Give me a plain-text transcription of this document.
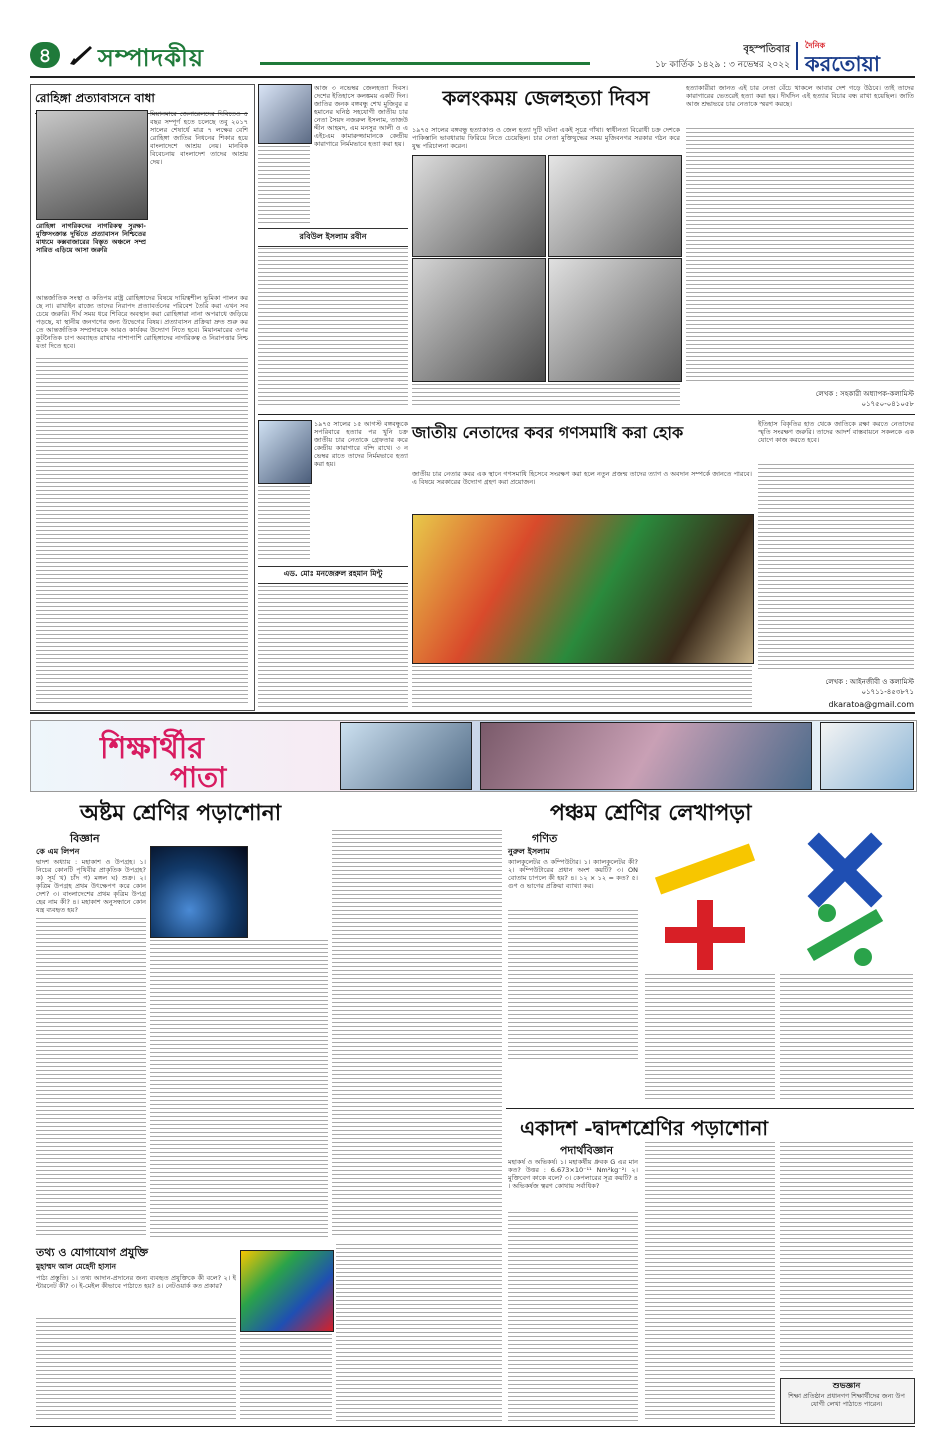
৪	সম্পাদকীয়	বৃহস্পতিবার
১৮ কার্তিক ১৪২৯ : ৩ নভেম্বর ২০২২
দৈনিক
করতোয়া
রোহিঙ্গা প্রত্যাবাসনে বাধা
মিয়ানমারে জেনারেলদের দিবিতেও ৫ বছর সম্পূর্ণ হতে চলেছে তবু ২০১৭ সালের শেষার্ধে মাত্র ৭ লক্ষের বেশি রোহিঙ্গা জাতির নিধনের শিকার হয়ে বাংলাদেশে আশ্রয় নেয়। মানবিক বিবেচনায় বাংলাদেশ তাদের আশ্রয় দেয়।
রোহিঙ্গা নাগরিকদের নাগরিকত্ব সুরক্ষা-মুক্তিসংক্রান্ত দুর্ভিতে প্রত্যাবাসন নিশ্চিতের মাধ্যমে কক্সবাজারের বিস্তৃত অঞ্চলে সম্প্রসারিত এড়িয়ে আসা জরুরি
আন্তর্জাতিক সংস্থা ও কতিপয় রাষ্ট্র রোহিঙ্গাদের বিষয়ে দায়িত্বশীল ভূমিকা পালন করছে না। রাখাইন রাজ্যে তাদের নিরাপদ প্রত্যাবর্তনের পরিবেশ তৈরি করা এখন সবচেয়ে জরুরি। দীর্ঘ সময় ধরে শিবিরে অবস্থান করা রোহিঙ্গারা নানা অপরাধে জড়িয়ে পড়ছে, যা স্থানীয় জনগণের জন্য উদ্বেগের বিষয়। প্রত্যাবাসন প্রক্রিয়া দ্রুত শুরু করতে আন্তর্জাতিক সম্প্রদায়কে আরও কার্যকর উদ্যোগ নিতে হবে। মিয়ানমারের ওপর কূটনৈতিক চাপ অব্যাহত রাখার পাশাপাশি রোহিঙ্গাদের নাগরিকত্ব ও নিরাপত্তার নিশ্চয়তা দিতে হবে।
আজ ৩ নভেম্বর জেলহত্যা দিবস। দেশের ইতিহাসে কলঙ্কময় একটি দিন। জাতির জনক বঙ্গবন্ধু শেখ মুজিবুর রহমানের ঘনিষ্ঠ সহযোগী জাতীয় চার নেতা সৈয়দ নজরুল ইসলাম, তাজউদ্দীন আহমদ, এম মনসুর আলী ও এএইচএম কামারুজ্জামানকে কেন্দ্রীয় কারাগারে নির্মমভাবে হত্যা করা হয়।
রবিউল ইসলাম রবীন
কলংকময় জেলহত্যা দিবস
১৯৭৫ সালের বঙ্গবন্ধু হত্যাকাণ্ড ও জেল হত্যা দুটি ঘটনা একই সূত্রে গাঁথা। স্বাধীনতা বিরোধী চক্র দেশকে পাকিস্তানি ভাবধারায় ফিরিয়ে নিতে চেয়েছিল। চার নেতা মুক্তিযুদ্ধের সময় মুজিবনগর সরকার গঠন করে যুদ্ধ পরিচালনা করেন।
হত্যাকারীরা জানত এই চার নেতা বেঁচে থাকলে আবার দেশ গড়ে উঠবে। তাই তাদের কারাগারের ভেতরেই হত্যা করা হয়। দীর্ঘদিন এই হত্যার বিচার বন্ধ রাখা হয়েছিল। জাতি আজ শ্রদ্ধাভরে চার নেতাকে স্মরণ করছে।
লেখক : সহকারী অধ্যাপক-কলামিস্ট
০১৭৫০-০৪১০৫৮
১৯৭৫ সালের ১৫ আগস্ট বঙ্গবন্ধুকে সপরিবারে হত্যার পর খুনি চক্র জাতীয় চার নেতাকে গ্রেফতার করে কেন্দ্রীয় কারাগারে বন্দি রাখে। ৩ নভেম্বর রাতে তাদের নির্মমভাবে হত্যা করা হয়।
এড. মোঃ মনজেরুল রহমান মিন্টু
জাতীয় নেতাদের কবর গণসমাধি করা হোক
জাতীয় চার নেতার কবর এক স্থানে গণসমাধি হিসেবে সংরক্ষণ করা হলে নতুন প্রজন্ম তাদের ত্যাগ ও অবদান সম্পর্কে জানতে পারবে। এ বিষয়ে সরকারের উদ্যোগ গ্রহণ করা প্রয়োজন।
ইতিহাস বিকৃতির হাত থেকে জাতিকে রক্ষা করতে নেতাদের স্মৃতি সংরক্ষণ জরুরি। তাদের আদর্শ বাস্তবায়নে সকলকে একযোগে কাজ করতে হবে।
লেখক : আইনজীবী ও কলামিস্ট
০১৭১১-৪৫৩৮৭১
dkaratoa@gmail.com
শিক্ষার্থীর
পাতা
অষ্টম শ্রেণির পড়াশোনা	পঞ্চম শ্রেণির লেখাপড়া
বিজ্ঞান
কে এম লিপন
দ্বাদশ অধ্যায় : মহাকাশ ও উপগ্রহ। ১। নিচের কোনটি পৃথিবীর প্রাকৃতিক উপগ্রহ? ক) সূর্য খ) চাঁদ গ) মঙ্গল ঘ) শুক্র। ২। কৃত্রিম উপগ্রহ প্রথম উৎক্ষেপণ করে কোন দেশ? ৩। বাংলাদেশের প্রথম কৃত্রিম উপগ্রহের নাম কী? ৪। মহাকাশ অনুসন্ধানে কোন যন্ত্র ব্যবহৃত হয়?
তথ্য ও যোগাযোগ প্রযুক্তি
মুহাম্মদ আল মেহেদী হাসান
পাঠ্য প্রস্তুতি। ১। তথ্য আদান-প্রদানের জন্য ব্যবহৃত প্রযুক্তিকে কী বলে? ২। ইন্টারনেট কী? ৩। ই-মেইল কীভাবে পাঠাতে হয়? ৪। নেটওয়ার্ক কত প্রকার?
গণিত
নুরুল ইসলাম
ক্যালকুলেটর ও কম্পিউটার। ১। ক্যালকুলেটর কী? ২। কম্পিউটারের প্রধান অংশ কয়টি? ৩। ON বোতাম চাপলে কী হয়? ৪। ১২ × ১২ = কত? ৫। গুণ ও ভাগের প্রক্রিয়া ব্যাখ্যা কর।
একাদশ -দ্বাদশশ্রেণির পড়াশোনা
পদার্থবিজ্ঞান
মহাকর্ষ ও অভিকর্ষ। ১। মহাকর্ষীয় ধ্রুবক G এর মান কত? উত্তর : 6.673×10⁻¹¹ Nm²kg⁻²। ২। মুক্তিবেগ কাকে বলে? ৩। কেপলারের সূত্র কয়টি? ৪। অভিকর্ষজ ত্বরণ কোথায় সর্বাধিক?
শুভজ্ঞান
শিক্ষা প্রতিষ্ঠান প্রধানগণ শিক্ষার্থীদের জন্য উপযোগী লেখা পাঠাতে পারেন।
